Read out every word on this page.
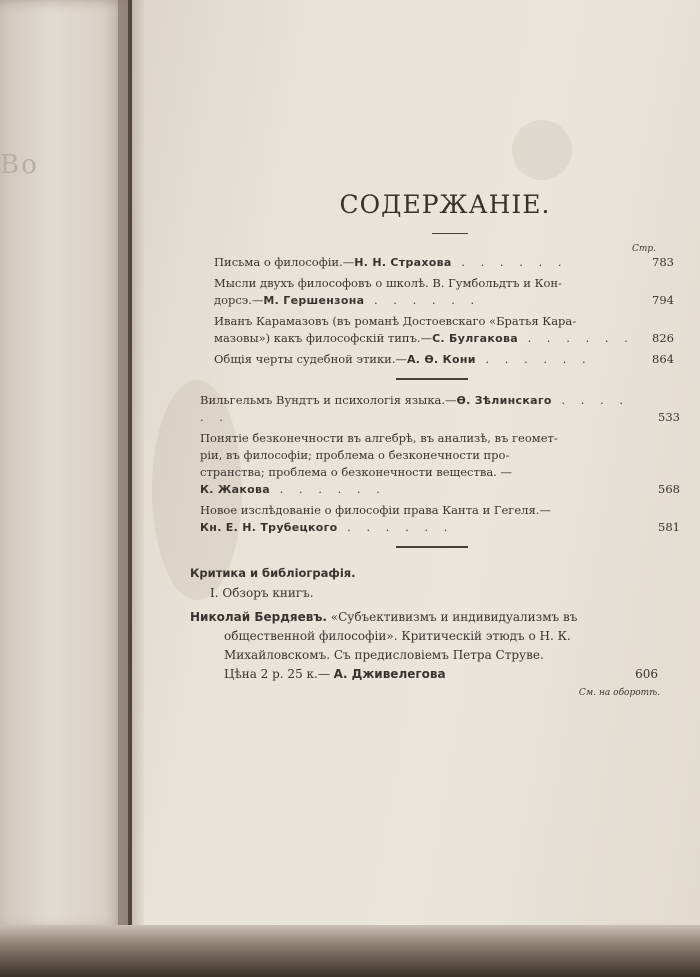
Во
СОДЕРЖАНІЕ.
Стр.
Письма о философіи.—Н. Н. Страхова . . . . . .	783
Мысли двухъ философовъ о школѣ. В. Гумбольдтъ и Кон-
дорсэ.—М. Гершензона . . . . . .	794
Иванъ Карамазовъ (въ романѣ Достоевскаго «Братья Кара-
мазовы») какъ философскій типъ.—С. Булгакова . . . . . . 826
Общія черты судебной этики.—А. Ѳ. Кони . . . . . .	864
Вильгельмъ Вундтъ и психологія языка.—Ѳ. Зѣлинскаго . . . . . .	533
Понятіе безконечности въ алгебрѣ, въ анализѣ, въ геомет-
ріи, въ философіи; проблема о безконечности про-
странства; проблема о безконечности вещества. —
К. Жакова . . . . . .	568
Новое изслѣдованіе о философіи права Канта и Гегеля.—
Кн. Е. Н. Трубецкого . . . . . .	581
Критика и библіографія.
I. Обзоръ книгъ.
Николай Бердяевъ. «Субъективизмъ и индивидуализмъ въ
общественной философіи». Критическій этюдъ о Н. К.
Михайловскомъ. Съ предисловіемъ Петра Струве.
Цѣна 2 р. 25 к.— А. Дживелегова	606
См. на оборотѣ.
